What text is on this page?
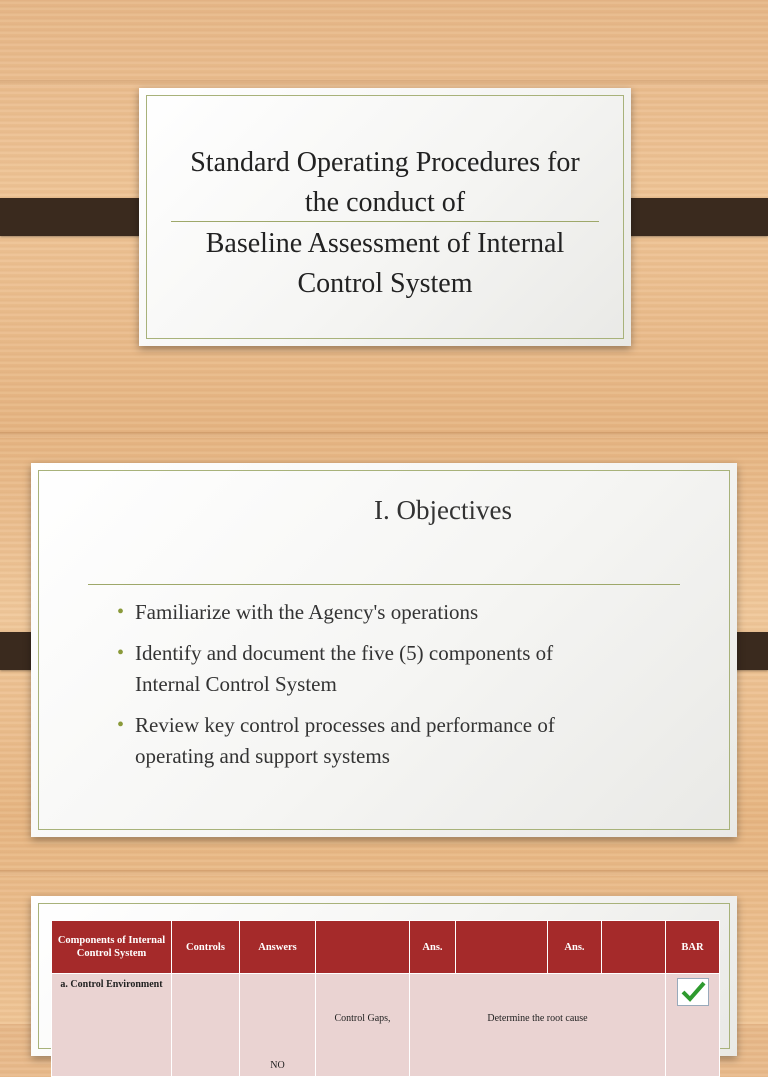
Standard Operating Procedures for
the conduct of
Baseline Assessment of Internal
Control System
I. Objectives
• Familiarize with the Agency's operations
• Identify and document the five (5) components of
Internal Control System
• Review key control processes and performance of
operating and support systems
Components of Internal Control System	Controls	Answers		Ans.		Ans.		BAR
a. Control Environment		NO	Control Gaps,	Determine the root cause	
